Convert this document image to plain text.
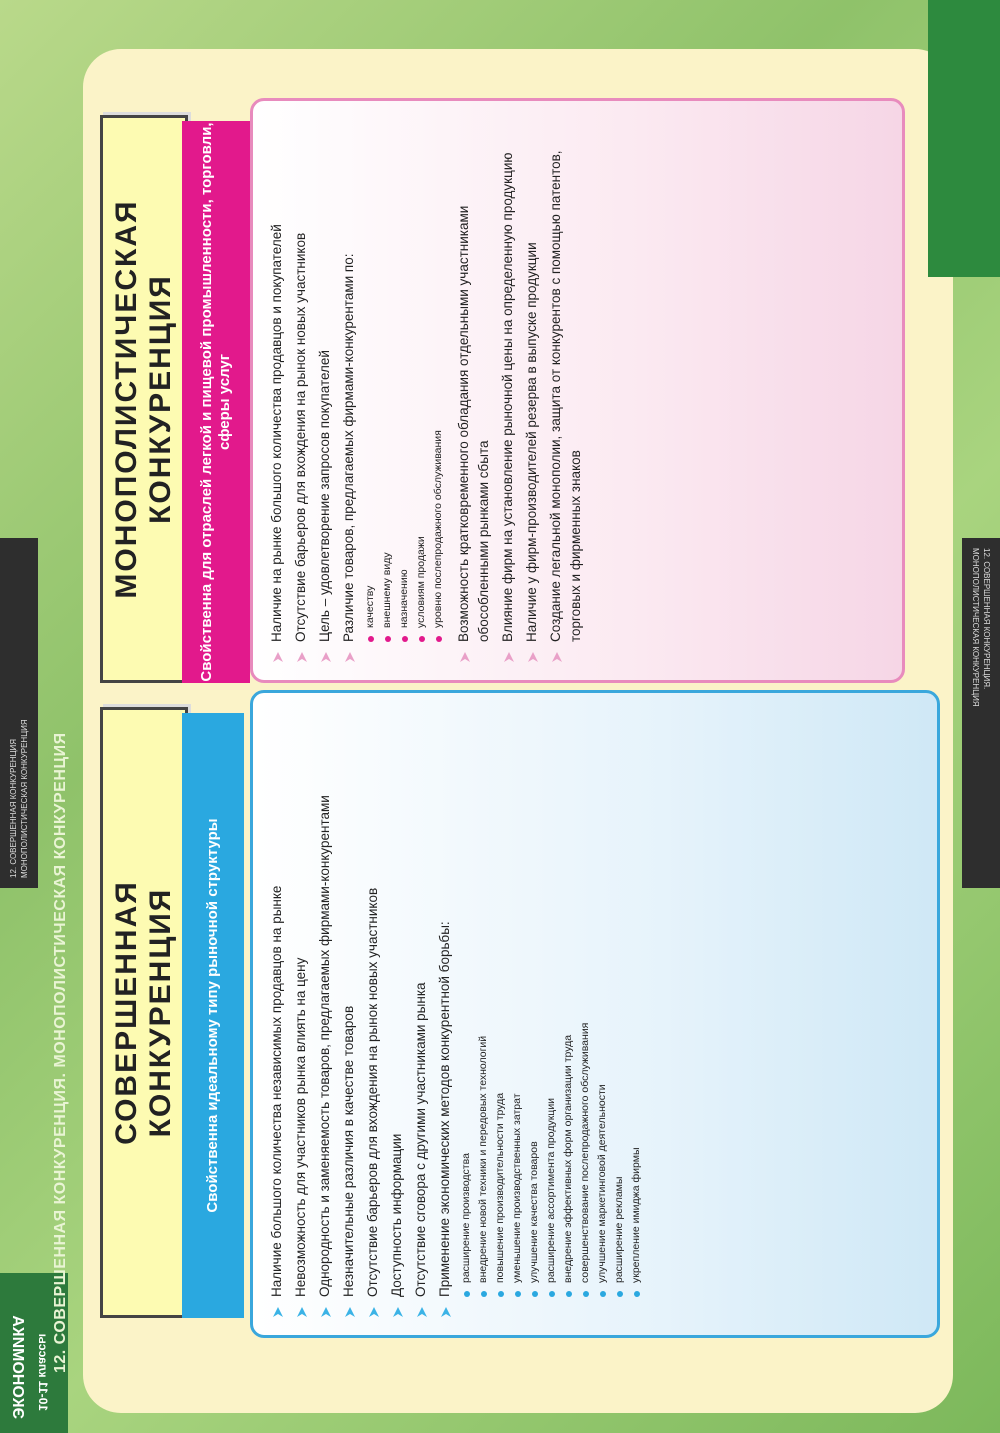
ЭКОНОМИКА 10-11 классы 12. СОВЕРШЕННАЯ КОНКУРЕНЦИЯ. МОНОПОЛИСТИЧЕСКАЯ КОНКУРЕНЦИЯ
12. СОВЕРШЕННАЯ КОНКУРЕНЦИЯ МОНОПОЛИСТИЧЕСКАЯ КОНКУРЕНЦИЯ
12. СОВЕРШЕННАЯ КОНКУРЕНЦИЯ.
МОНОПОЛИСТИЧЕСКАЯ КОНКУРЕНЦИЯ
СОВЕРШЕННАЯ КОНКУРЕНЦИЯ	Свойственна идеальному типу рыночной структуры	Наличие большого количества независимых продавцов на рынке Невозможность для участников рынка влиять на цену Однородность и заменяемость товаров, предлагаемых фирмами-конкурентами Незначительные различия в качестве товаров Отсутствие барьеров для вхождения на рынок новых участников Доступность информации Отсутствие сговора с другими участниками рынка Применение экономических методов конкурентной борьбы: расширение производства внедрение новой техники и передовых технологий повышение производительности труда уменьшение производственных затрат улучшение качества товаров расширение ассортимента продукции внедрение эффективных форм организации труда совершенствование послепродажного обслуживания улучшение маркетинговой деятельности расширение рекламы укрепление имиджа фирмы
МОНОПОЛИСТИЧЕСКАЯ КОНКУРЕНЦИЯ	Свойственна для отраслей легкой и пищевой промышленности, торговли, сферы услуг	Наличие на рынке большого количества продавцов и покупателей Отсутствие барьеров для вхождения на рынок новых участников Цель – удовлетворение запросов покупателей Различие товаров, предлагаемых фирмами-конкурентами по: качеству внешнему виду назначению условиям продажи уровню послепродажного обслуживания Возможность кратковременного обладания отдельными участниками обособленными рынками сбыта Влияние фирм на установление рыночной цены на определенную продукцию Наличие у фирм-производителей резерва в выпуске продукции Создание легальной монополии, защита от конкурентов с помощью патентов, торговых и фирменных знаков
